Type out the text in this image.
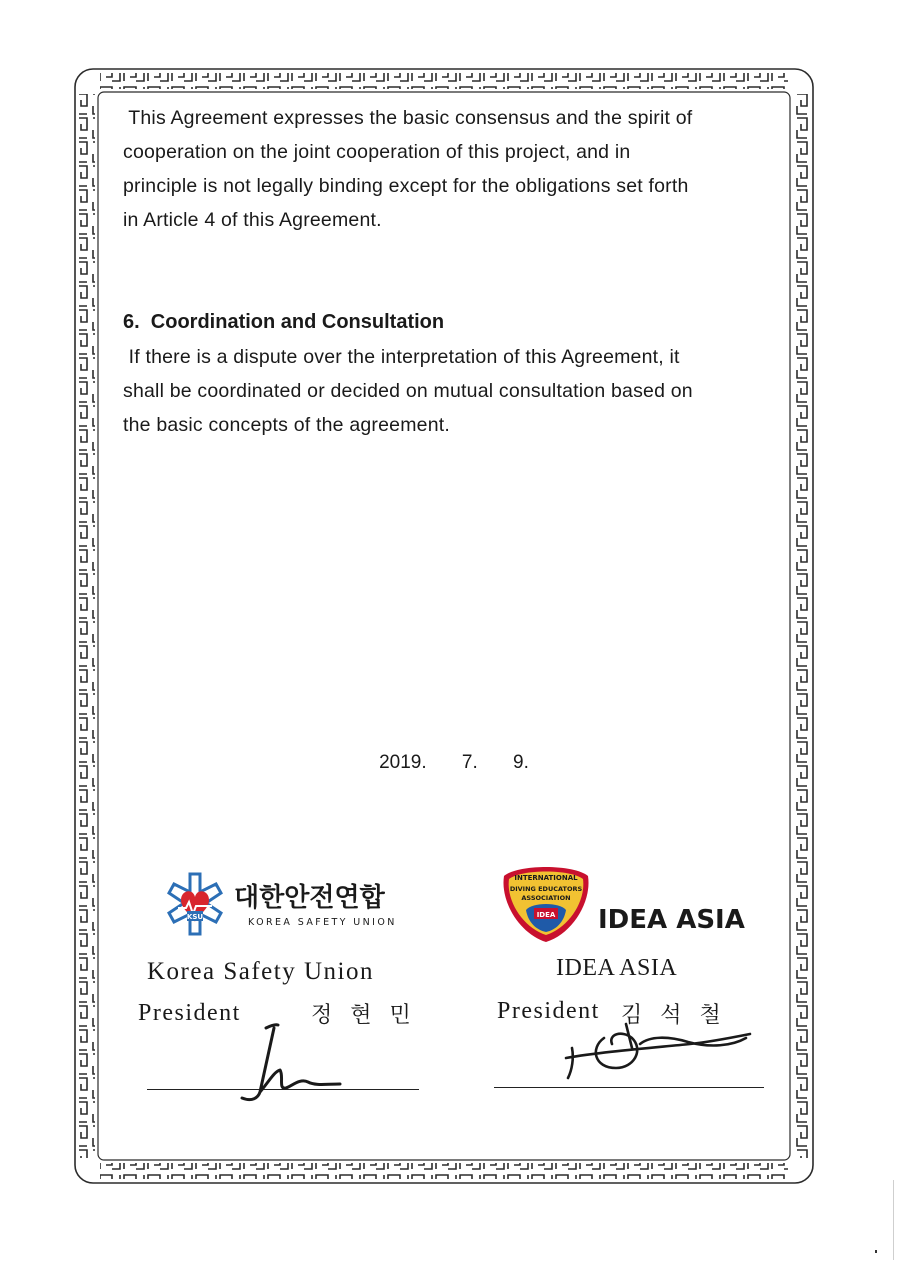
This Agreement expresses the basic consensus and the spirit of
cooperation on the joint cooperation of this project, and in
principle is not legally binding except for the obligations set forth
in Article 4 of this Agreement.
6.  Coordination and Consultation
If there is a dispute over the interpretation of this Agreement, it
shall be coordinated or decided on mutual consultation based on
the basic concepts of the agreement.
2019. 7. 9.
KSU
대한안전연합
KOREA SAFETY UNION
IDEA
INTERNATIONAL
DIVING EDUCATORS
ASSOCIATION
IDEA ASIA
Korea Safety Union	IDEA ASIA
President	정현민	President 김석철
